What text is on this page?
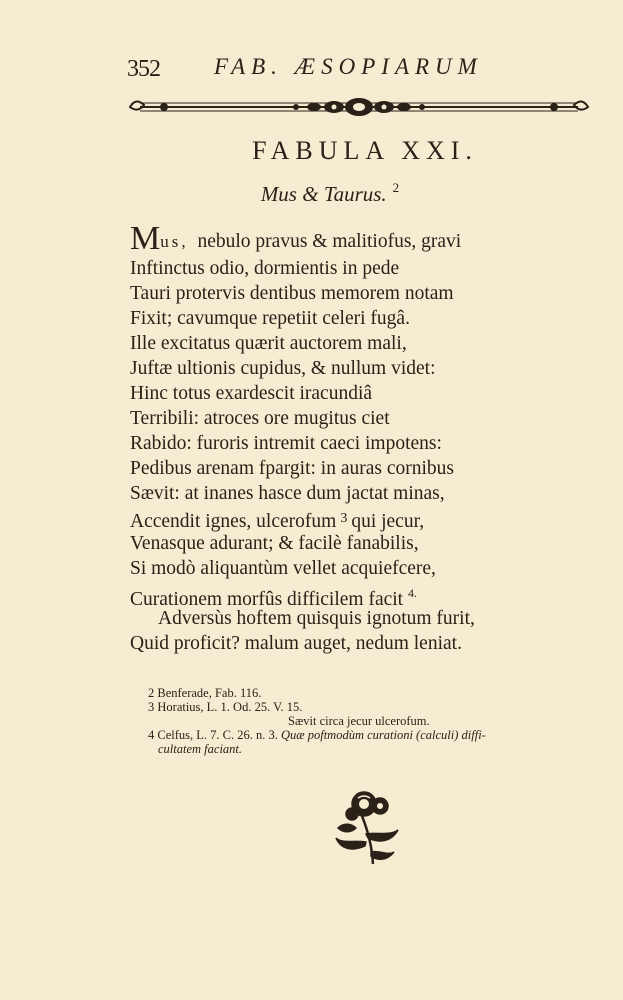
352 FAB. ÆSOPIARUM
FABULA XXI.
Mus & Taurus. $^2$
Mus, nebulo pravus & malitiofus, gravi
Inftinctus odio, dormientis in pede
Tauri protervis dentibus memorem notam
Fixit; cavumque repetiit celeri fugâ.
Ille excitatus quærit auctorem mali,
Juftæ ultionis cupidus, & nullum videt:
Hinc totus exardescit iracundiâ
Terribili: atroces ore mugitus ciet
Rabido: furoris intremit caeci impotens:
Pedibus arenam fpargit: in auras cornibus
Sævit: at inanes hasce dum jactat minas,
Accendit ignes, ulcerofum $^3$ qui jecur,
Venasque adurant; & facilè fanabilis,
Si modò aliquantùm vellet acquiefcere,
Curationem morfûs difficilem facit $^{4.}$
Adversùs hoftem quisquis ignotum furit,
Quid proficit? malum auget, nedum leniat.
2 Benferade, Fab. 116.
3 Horatius, L. 1. Od. 25. V. 15.
Sævit circa jecur ulcerofum.
4 Celfus, L. 7. C. 26. n. 3. Quæ poftmodùm curationi (calculi) diffi-
cultatem faciant.
